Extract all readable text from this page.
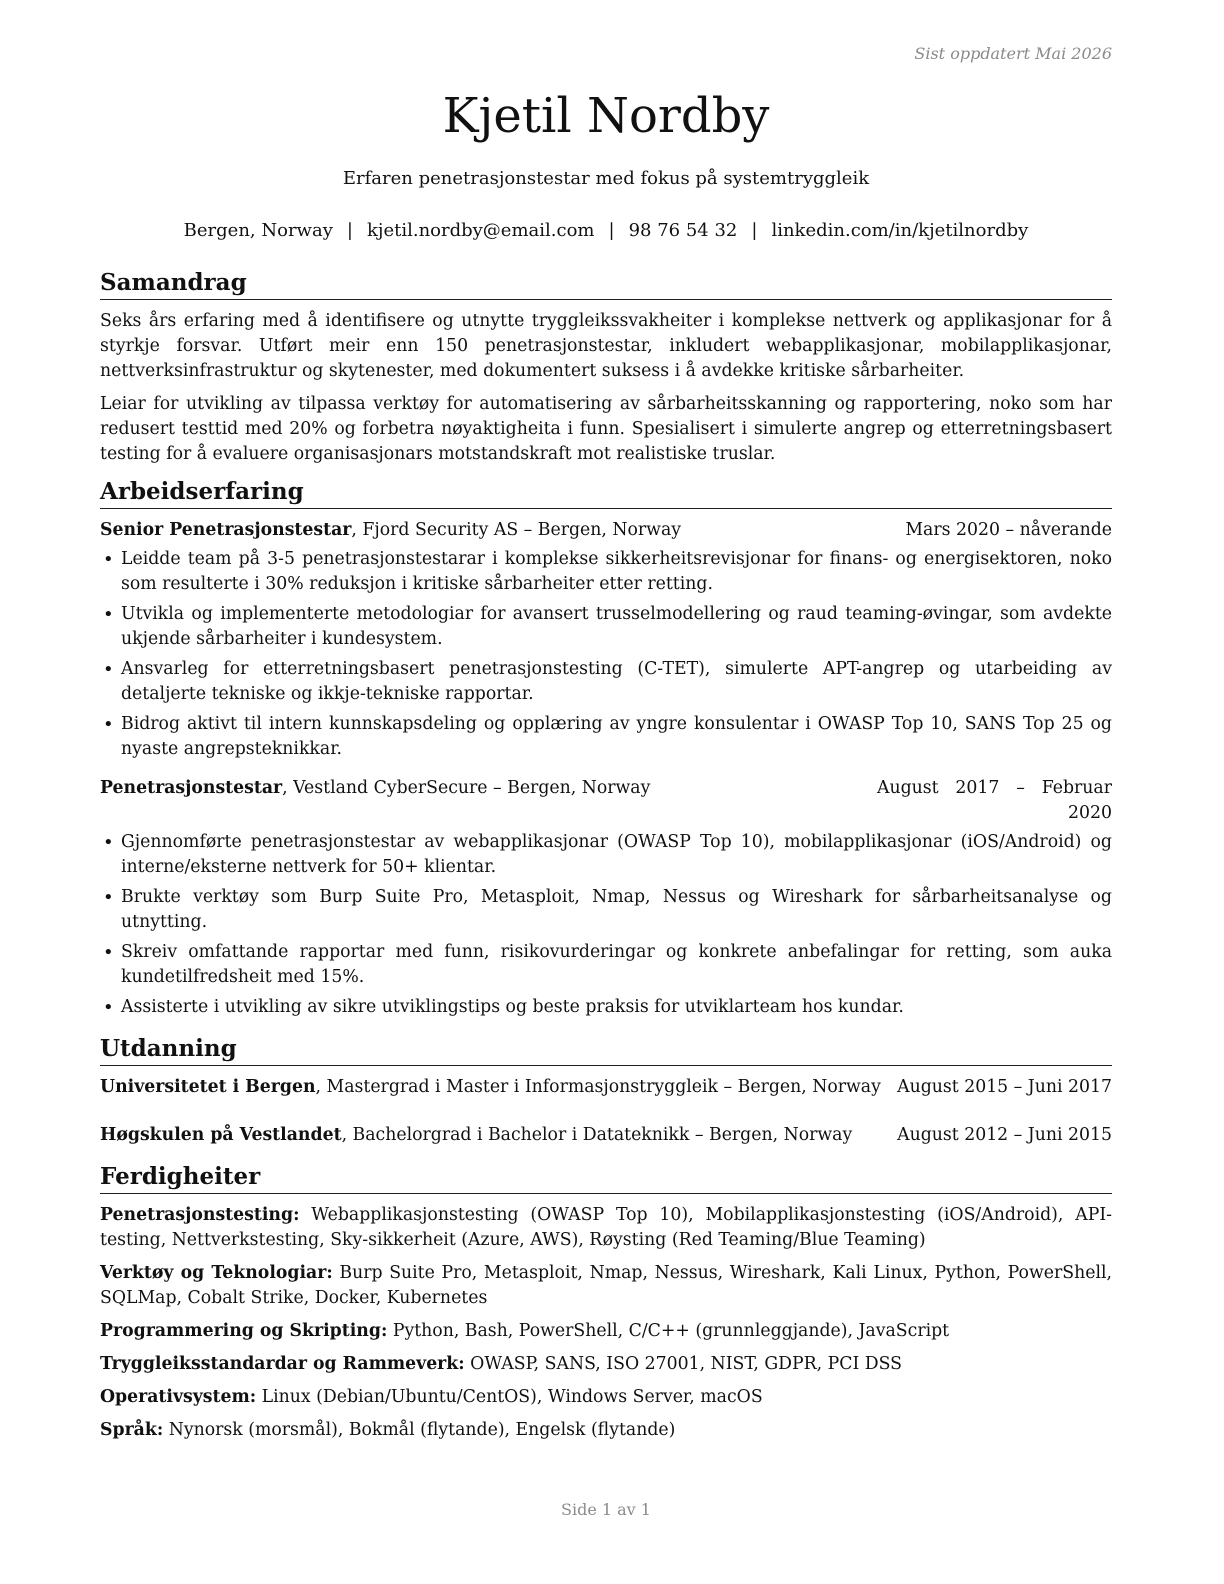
Sist oppdatert Mai 2026
Kjetil Nordby
Erfaren penetrasjonstestar med fokus på systemtryggleik
Bergen, Norway | kjetil.nordby@email.com | 98 76 54 32 | linkedin.com/in/kjetilnordby
Samandrag

Seks års erfaring med å identifisere og utnytte tryggleikssvakheiter i komplekse nettverk og applikasjonar for å styrkje forsvar. Utført meir enn 150 penetrasjonstestar, inkludert webapplikasjonar, mobilapplikasjonar, nettverksinfrastruktur og skytenester, med dokumentert suksess i å avdekke kritiske sårbarheiter.

Leiar for utvikling av tilpassa verktøy for automatisering av sårbarheitsskanning og rapportering, noko som har redusert testtid med 20% og forbetra nøyaktigheita i funn. Spesialisert i simulerte angrep og etterretningsbasert testing for å evaluere organisasjonars motstandskraft mot realistiske truslar.

Arbeidserfaring
Senior Penetrasjonstestar, Fjord Security AS – Bergen, Norway	Mars 2020 – nåverande
• Leidde team på 3-5 penetrasjonstestarar i komplekse sikkerheitsrevisjonar for finans- og energisektoren, noko som resulterte i 30% reduksjon i kritiske sårbarheiter etter retting.
• Utvikla og implementerte metodologiar for avansert trusselmodellering og raud teaming-øvingar, som avdekte ukjende sårbarheiter i kundesystem.
• Ansvarleg for etterretningsbasert penetrasjonstesting (C-TET), simulerte APT-angrep og utarbeiding av detaljerte tekniske og ikkje-tekniske rapportar.
• Bidrog aktivt til intern kunnskapsdeling og opplæring av yngre konsulentar i OWASP Top 10, SANS Top 25 og nyaste angrepsteknikkar.
Penetrasjonstestar, Vestland CyberSecure – Bergen, Norway	August 2017 – Februar 2020
• Gjennomførte penetrasjonstestar av webapplikasjonar (OWASP Top 10), mobilapplikasjonar (iOS/Android) og interne/eksterne nettverk for 50+ klientar.
• Brukte verktøy som Burp Suite Pro, Metasploit, Nmap, Nessus og Wireshark for sårbarheitsanalyse og utnytting.
• Skreiv omfattande rapportar med funn, risikovurderingar og konkrete anbefalingar for retting, som auka kundetilfredsheit med 15%.
• Assisterte i utvikling av sikre utviklingstips og beste praksis for utviklarteam hos kundar.
Utdanning
Universitetet i Bergen, Mastergrad i Master i Informasjonstryggleik – Bergen, Norway August 2015 – Juni 2017
Høgskulen på Vestlandet, Bachelorgrad i Bachelor i Datateknikk – Bergen, Norway	August 2012 – Juni 2015
Ferdigheiter
Penetrasjonstesting: Webapplikasjonstesting (OWASP Top 10), Mobilapplikasjonstesting (iOS/Android), API-testing, Nettverkstesting, Sky-sikkerheit (Azure, AWS), Røysting (Red Teaming/Blue Teaming)
Verktøy og Teknologiar: Burp Suite Pro, Metasploit, Nmap, Nessus, Wireshark, Kali Linux, Python, PowerShell, SQLMap, Cobalt Strike, Docker, Kubernetes
Programmering og Skripting: Python, Bash, PowerShell, C/C++ (grunnleggjande), JavaScript
Tryggleiksstandardar og Rammeverk: OWASP, SANS, ISO 27001, NIST, GDPR, PCI DSS
Operativsystem: Linux (Debian/Ubuntu/CentOS), Windows Server, macOS
Språk: Nynorsk (morsmål), Bokmål (flytande), Engelsk (flytande)
Side 1 av 1
